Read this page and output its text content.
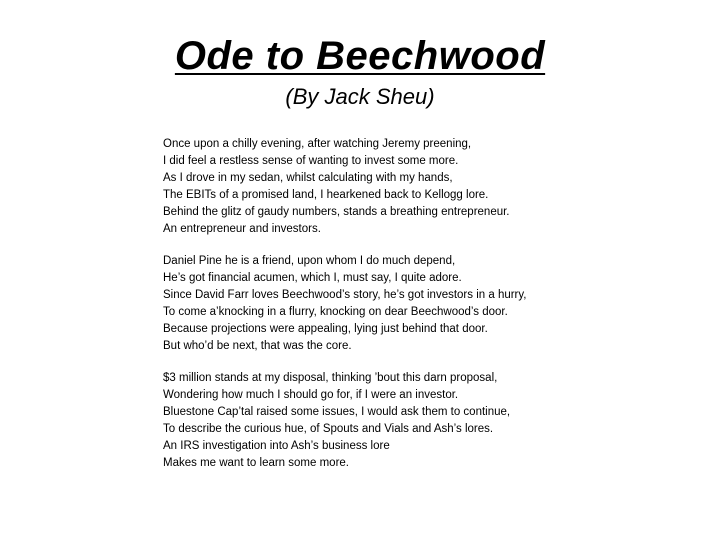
Ode to Beechwood

(By Jack Sheu)

Once upon a chilly evening, after watching Jeremy preening,
I did feel a restless sense of wanting to invest some more.
As I drove in my sedan, whilst calculating with my hands,
The EBITs of a promised land, I hearkened back to Kellogg lore.
Behind the glitz of gaudy numbers, stands a breathing entrepreneur.
An entrepreneur and investors.
Daniel Pine he is a friend, upon whom I do much depend,
He’s got financial acumen, which I, must say, I quite adore.
Since David Farr loves Beechwood’s story, he’s got investors in a hurry,
To come a’knocking in a flurry, knocking on dear Beechwood’s door.
Because projections were appealing, lying just behind that door.
But who’d be next, that was the core.
$3 million stands at my disposal, thinking ’bout this darn proposal,
Wondering how much I should go for, if I were an investor.
Bluestone Cap’tal raised some issues, I would ask them to continue,
To describe the curious hue, of Spouts and Vials and Ash’s lores.
An IRS investigation into Ash’s business lore
Makes me want to learn some more.
